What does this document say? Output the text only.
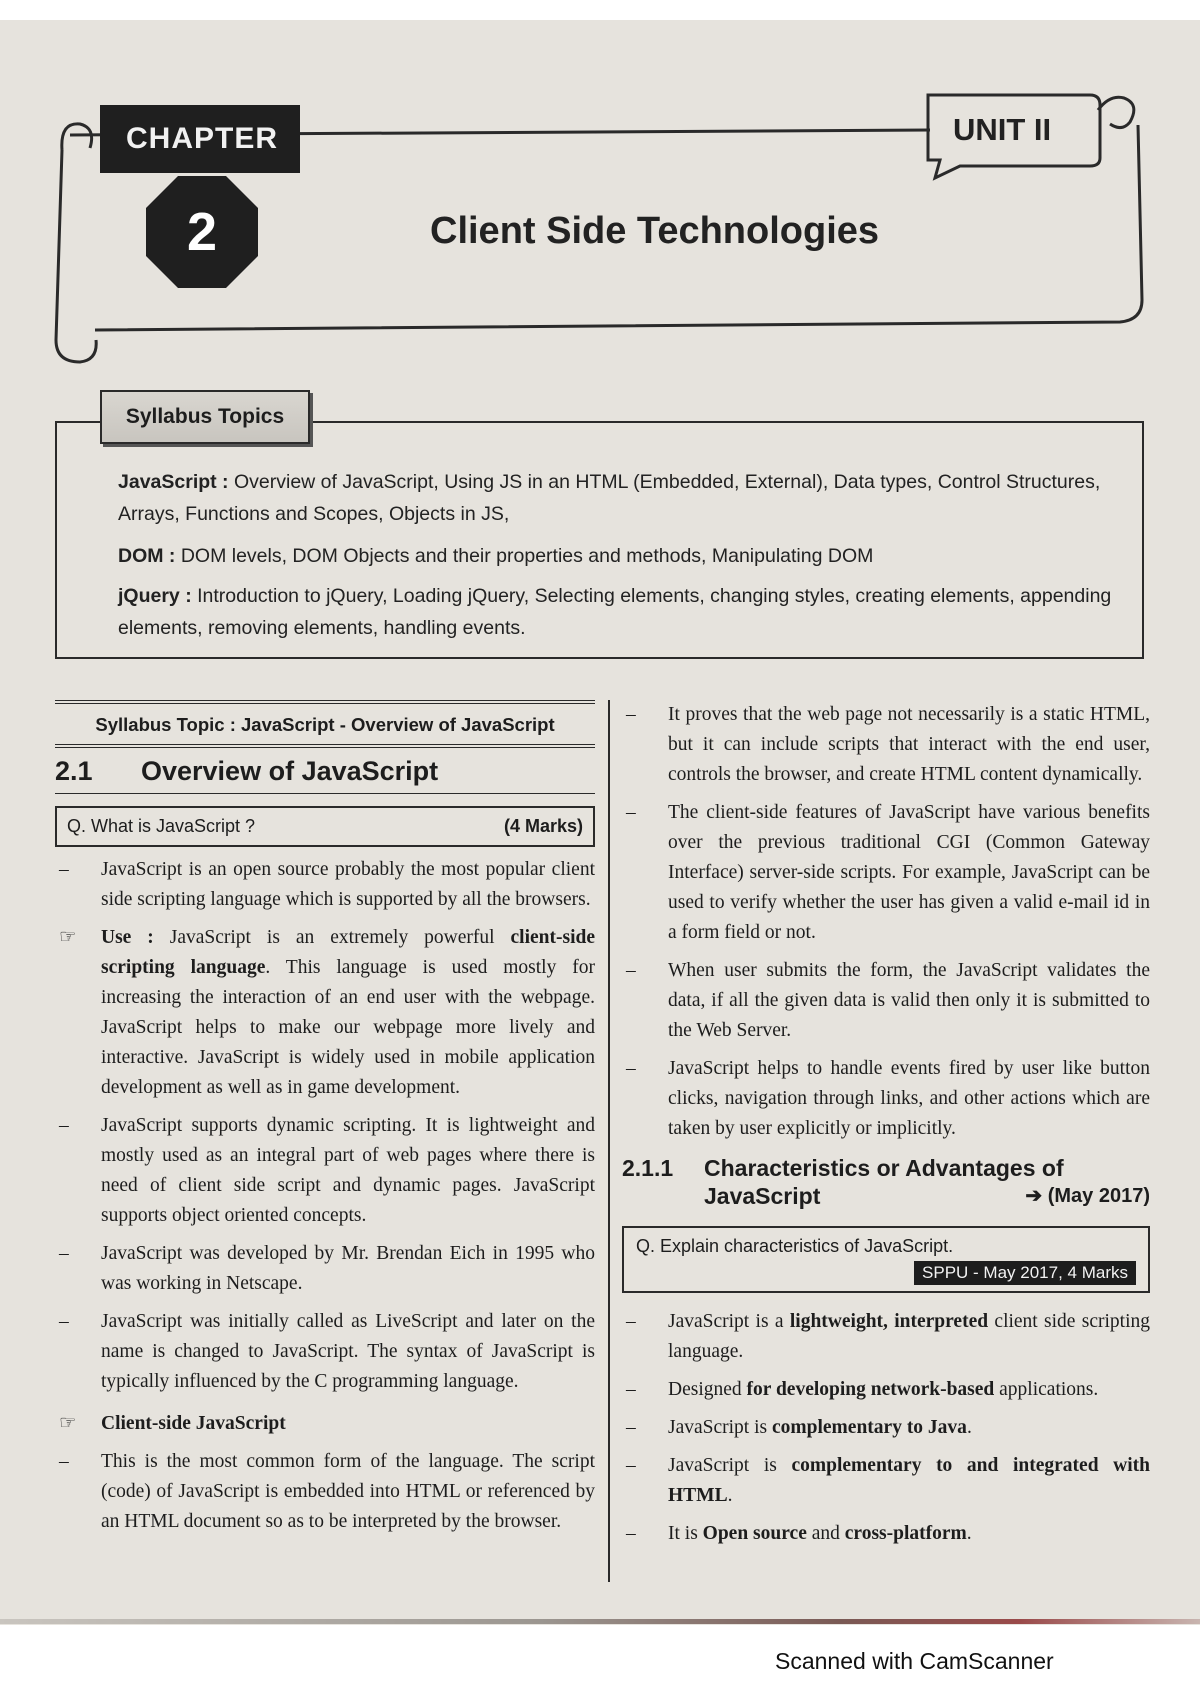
CHAPTER
2	Client Side Technologies
UNIT II
Syllabus Topics
JavaScript : Overview of JavaScript, Using JS in an HTML (Embedded, External), Data types, Control Structures, Arrays, Functions and Scopes, Objects in JS,
DOM : DOM levels, DOM Objects and their properties and methods, Manipulating DOM
jQuery : Introduction to jQuery, Loading jQuery, Selecting elements, changing styles, creating elements, appending elements, removing elements, handling events.
Syllabus Topic : JavaScript - Overview of JavaScript
2.1	Overview of JavaScript
Q. What is JavaScript ?	(4 Marks)
–	JavaScript is an open source probably the most popular client side scripting language which is supported by all the browsers.
☞	Use : JavaScript is an extremely powerful client-side scripting language. This language is used mostly for increasing the interaction of an end user with the webpage. JavaScript helps to make our webpage more lively and interactive. JavaScript is widely used in mobile application development as well as in game development.
–	JavaScript supports dynamic scripting. It is lightweight and mostly used as an integral part of web pages where there is need of client side script and dynamic pages. JavaScript supports object oriented concepts.
–	JavaScript was developed by Mr. Brendan Eich in 1995 who was working in Netscape.
–	JavaScript was initially called as LiveScript and later on the name is changed to JavaScript. The syntax of JavaScript is typically influenced by the C programming language.
☞	Client-side JavaScript
–	This is the most common form of the language. The script (code) of JavaScript is embedded into HTML or referenced by an HTML document so as to be interpreted by the browser.
–	It proves that the web page not necessarily is a static HTML, but it can include scripts that interact with the end user, controls the browser, and create HTML content dynamically.
–	The client-side features of JavaScript have various benefits over the previous traditional CGI (Common Gateway Interface) server-side scripts. For example, JavaScript can be used to verify whether the user has given a valid e-mail id in a form field or not.
–	When user submits the form, the JavaScript validates the data, if all the given data is valid then only it is submitted to the Web Server.
–	JavaScript helps to handle events fired by user like button clicks, navigation through links, and other actions which are taken by user explicitly or implicitly.
2.1.1	Characteristics or Advantages of
JavaScript	➔ (May 2017)
Q. Explain characteristics of JavaScript.
SPPU - May 2017, 4 Marks
–	JavaScript is a lightweight, interpreted client side scripting language.
–	Designed for developing network-based applications.
–	JavaScript is complementary to Java.
–	JavaScript is complementary to and integrated with HTML.
–	It is Open source and cross-platform.
Scanned with CamScanner
